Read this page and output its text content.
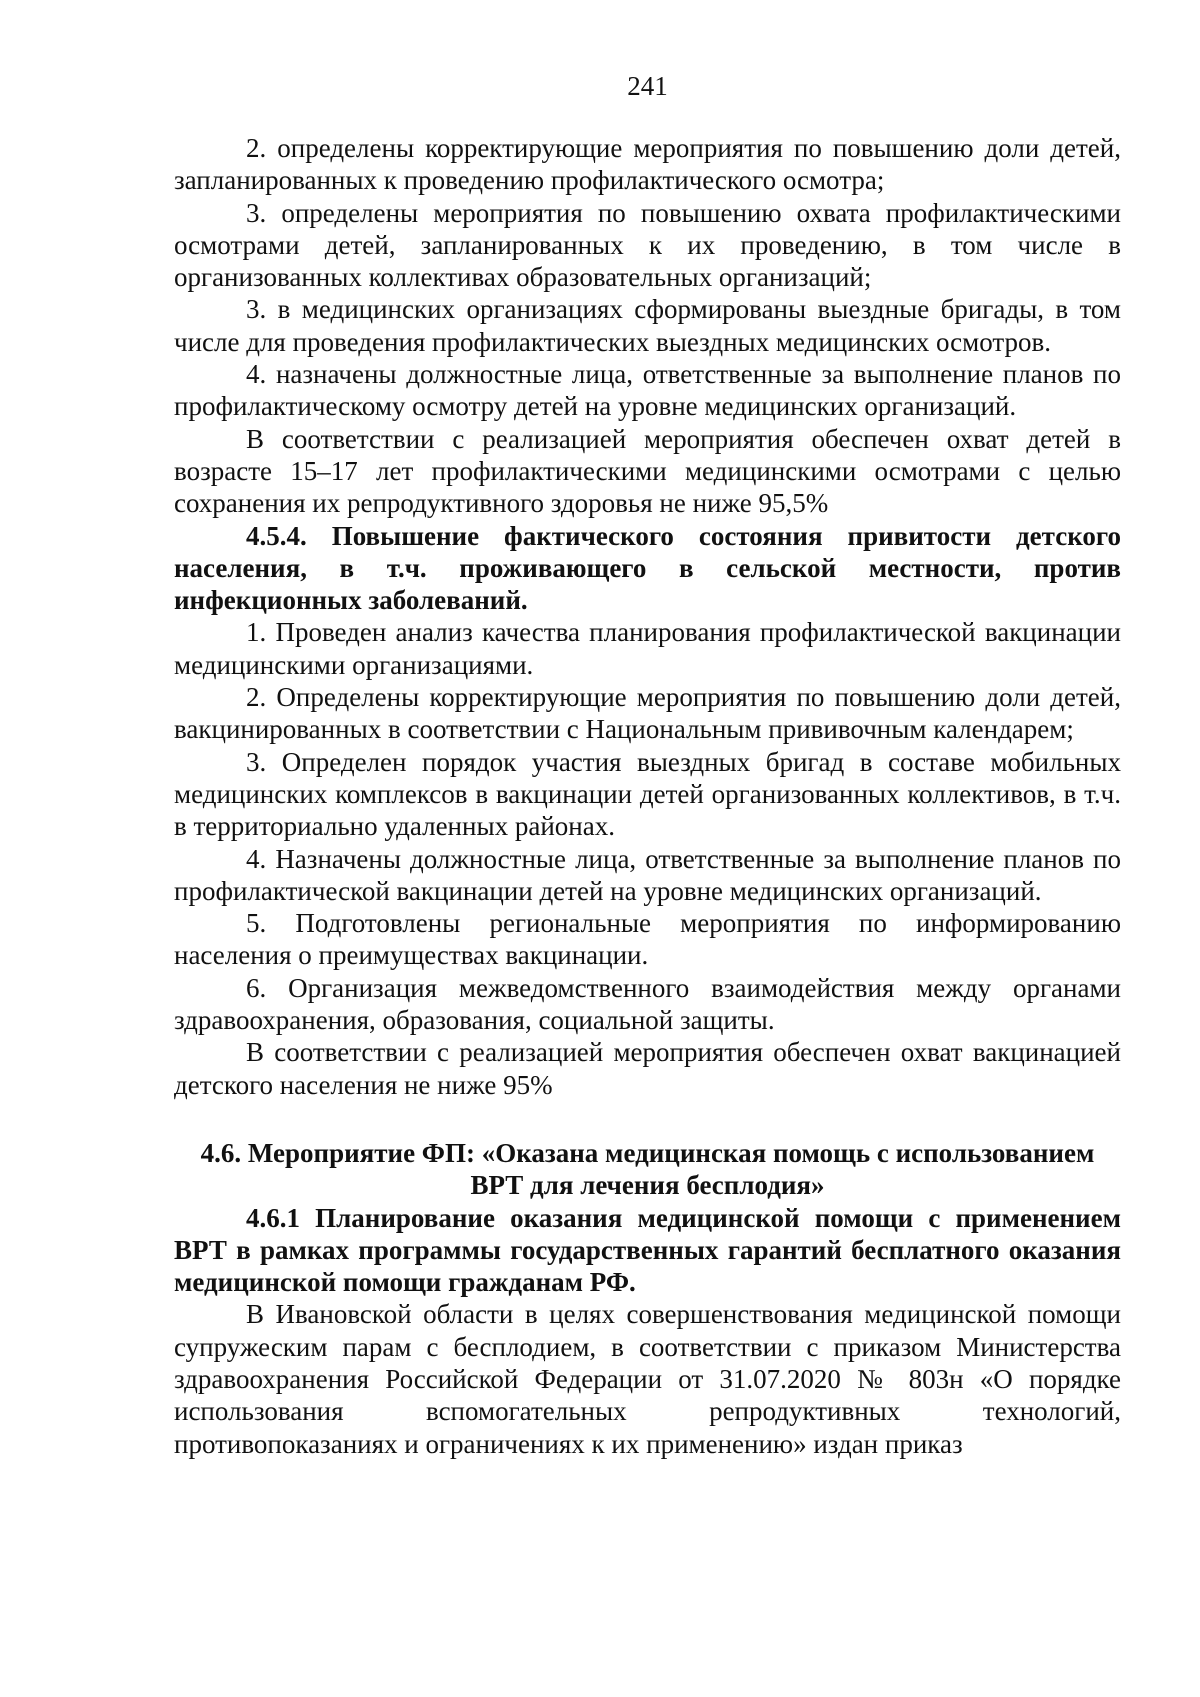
241

2. определены корректирующие мероприятия по повышению доли детей, запланированных к проведению профилактического осмотра;

3. определены мероприятия по повышению охвата профилактическими осмотрами детей, запланированных к их проведению, в том числе в организованных коллективах образовательных организаций;

3. в медицинских организациях сформированы выездные бригады, в том числе для проведения профилактических выездных медицинских осмотров.

4. назначены должностные лица, ответственные за выполнение планов по профилактическому осмотру детей на уровне медицинских организаций.

В соответствии с реализацией мероприятия обеспечен охват детей в возрасте 15–17 лет профилактическими медицинскими осмотрами с целью сохранения их репродуктивного здоровья не ниже 95,5%

4.5.4. Повышение фактического состояния привитости детского населения, в т.ч. проживающего в сельской местности, против инфекционных заболеваний.

1. Проведен анализ качества планирования профилактической вакцинации медицинскими организациями.

2. Определены корректирующие мероприятия по повышению доли детей, вакцинированных в соответствии с Национальным прививочным календарем;

3. Определен порядок участия выездных бригад в составе мобильных медицинских комплексов в вакцинации детей организованных коллективов, в т.ч. в территориально удаленных районах.

4. Назначены должностные лица, ответственные за выполнение планов по профилактической вакцинации детей на уровне медицинских организаций.

5. Подготовлены региональные мероприятия по информированию населения о преимуществах вакцинации.

6. Организация межведомственного взаимодействия между органами здравоохранения, образования, социальной защиты.

В соответствии с реализацией мероприятия обеспечен охват вакцинацией детского населения не ниже 95%

4.6. Мероприятие ФП: «Оказана медицинская помощь с использованием
ВРТ для лечения бесплодия»

4.6.1 Планирование оказания медицинской помощи с применением ВРТ в рамках программы государственных гарантий бесплатного оказания медицинской помощи гражданам РФ.

В Ивановской области в целях совершенствования медицинской помощи супружеским парам с бесплодием, в соответствии с приказом Министерства здравоохранения Российской Федерации от 31.07.2020 № 803н «О порядке использования вспомогательных репродуктивных технологий, противопоказаниях и ограничениях к их применению» издан приказ
